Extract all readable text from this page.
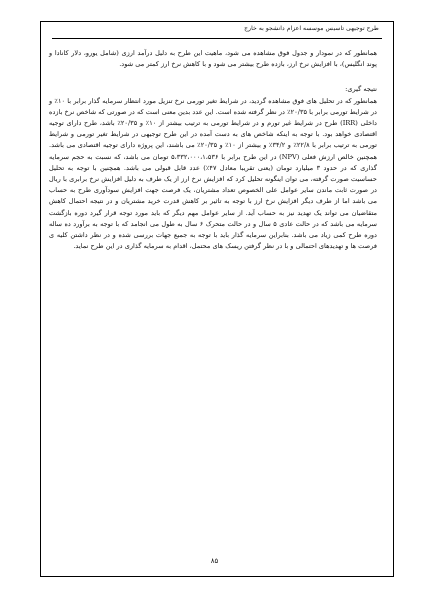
طرح توجیهی تاسیس موسسه اعزام دانشجو به خارج

همانطور که در نمودار و جدول فوق مشاهده می شود، ماهیت این طرح به دلیل درآمد ارزی (شامل یورو، دلار کانادا و پوند انگلیس)، با افزایش نرخ ارز، بازده طرح بیشتر می شود و با کاهش نرخ ارز کمتر می شود.

نتیجه گیری:

همانطور که در تحلیل های فوق مشاهده گردید، در شرایط تغیر تورمی نرخ تنزیل مورد انتظار سرمایه گذار برابر با ۱۰٪ و در شرایط تورمی برابر با ۲۰/۳۵٪ در نظر گرفته شده است. این عدد بدین معنی است که در صورتی که شاخص نرخ بازده داخلی (IRR) طرح در شرایط غیر تورم و در شرایط تورمی به ترتیب بیشتر از ۱۰٪ و ۲۰/۳۵٪ باشد، طرح دارای توجیه اقتصادی خواهد بود. با توجه به اینکه شاخص های به دست آمده در این طرح توجیهی در شرایط تغیر تورمی و شرایط تورمی به ترتیب برابر با ۲۲/۸٪ و ۳۴/۲٪ و بیشتر از ۱۰٪ و ۲۰/۳۵٪ می باشند، این پروژه دارای توجیه اقتصادی می باشد. همچنین خالص ارزش فعلی (NPV) در این طرح برابر با ۵،۳۳۲،۰۰۰،۱،۵۳۶ تومان می باشد، که نسبت به حجم سرمایه گذاری که در حدود ۳ میلیارد تومان (یعنی تقریبا معادل ۴۷٪) عدد قابل قبولی می باشد. همچنین با توجه به تحلیل حساسیت صورت گرفته، می توان اینگونه تحلیل کرد که افزایش نرخ ارز از یک طرف به دلیل افزایش نرخ برابری با ریال در صورت ثابت ماندن سایر عوامل علی الخصوص تعداد مشتریان، یک فرصت جهت افزایش سودآوری طرح به حساب می باشد اما از طرف دیگر افزایش نرخ ارز با توجه به تاثیر بر کاهش قدرت خرید مشتریان و در نتیجه احتمال کاهش متقاضیان می تواند یک تهدید نیز به حساب آید. از سایر عوامل مهم دیگر که باید مورد توجه قرار گیرد دوره بازگشت سرمایه می باشد که در حالت عادی ۵ سال و در حالت متحرک ۶ سال به طول می انجامد که با توجه به برآورد ده ساله دوره طرح کمی زیاد می باشد. بنابراین سرمایه گذار باید با توجه به جمیع جهات بررسی شده و در نظر داشتن کلیه ی فرصت ها و تهدیدهای احتمالی و با در نظر گرفتن ریسک های محتمل، اقدام به سرمایه گذاری در این طرح نماید.

۸۵
